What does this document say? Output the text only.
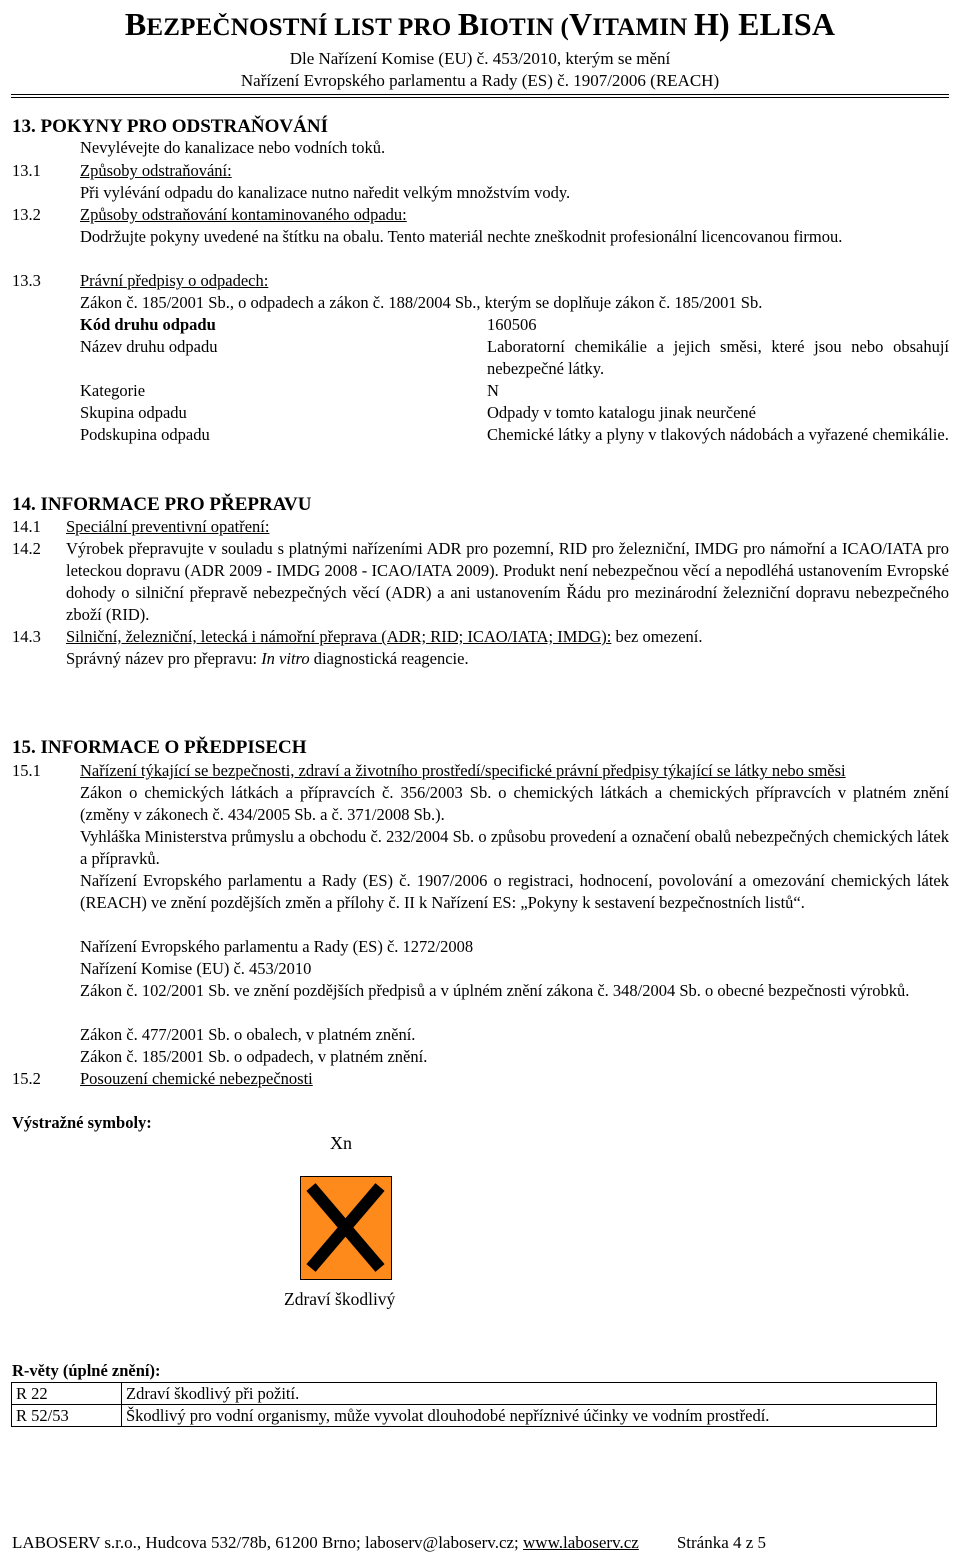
BEZPEČNOSTNÍ LIST PRO BIOTIN (VITAMIN H) ELISA
Dle Nařízení Komise (EU) č. 453/2010, kterým se mění
Nařízení Evropského parlamentu a Rady (ES) č. 1907/2006 (REACH)
13. POKYNY PRO ODSTRAŇOVÁNÍ
Nevylévejte do kanalizace nebo vodních toků.
13.1 Způsoby odstraňování:
Při vylévání odpadu do kanalizace nutno naředit velkým množstvím vody.
13.2 Způsoby odstraňování kontaminovaného odpadu:
Dodržujte pokyny uvedené na štítku na obalu. Tento materiál nechte zneškodnit profesionální licencovanou firmou.
13.3 Právní předpisy o odpadech:
Zákon č. 185/2001 Sb., o odpadech a zákon č. 188/2004 Sb., kterým se doplňuje zákon č. 185/2001 Sb.
Kód druhu odpadu	160506
Název druhu odpadu	Laboratorní chemikálie a jejich směsi, které jsou nebo obsahují nebezpečné látky.
Kategorie	N
Skupina odpadu	Odpady v tomto katalogu jinak neurčené
Podskupina odpadu	Chemické látky a plyny v tlakových nádobách a vyřazené chemikálie.
14. INFORMACE PRO PŘEPRAVU
14.1 Speciální preventivní opatření:
14.2 Výrobek přepravujte v souladu s platnými nařízeními ADR pro pozemní, RID pro železniční, IMDG pro námořní a ICAO/IATA pro leteckou dopravu (ADR 2009 - IMDG 2008 - ICAO/IATA 2009). Produkt není nebezpečnou věcí a nepodléhá ustanovením Evropské dohody o silniční přepravě nebezpečných věcí (ADR) a ani ustanovením Řádu pro mezinárodní železniční dopravu nebezpečného zboží (RID).
14.3 Silniční, železniční, letecká i námořní přeprava (ADR; RID; ICAO/IATA; IMDG): bez omezení.
Správný název pro přepravu: In vitro diagnostická reagencie.
15. INFORMACE O PŘEDPISECH
15.1 Nařízení týkající se bezpečnosti, zdraví a životního prostředí/specifické právní předpisy týkající se látky nebo směsi
Zákon o chemických látkách a přípravcích č. 356/2003 Sb. o chemických látkách a chemických přípravcích v platném znění (změny v zákonech č. 434/2005 Sb. a č. 371/2008 Sb.).
Vyhláška Ministerstva průmyslu a obchodu č. 232/2004 Sb. o způsobu provedení a označení obalů nebezpečných chemických látek a přípravků.
Nařízení Evropského parlamentu a Rady (ES) č. 1907/2006 o registraci, hodnocení, povolování a omezování chemických látek (REACH) ve znění pozdějších změn a přílohy č. II k Nařízení ES: „Pokyny k sestavení bezpečnostních listů“.
Nařízení Evropského parlamentu a Rady (ES) č. 1272/2008
Nařízení Komise (EU) č. 453/2010
Zákon č. 102/2001 Sb. ve znění pozdějších předpisů a v úplném znění zákona č. 348/2004 Sb. o obecné bezpečnosti výrobků.
Zákon č. 477/2001 Sb. o obalech, v platném znění.
Zákon č. 185/2001 Sb. o odpadech, v platném znění.
15.2 Posouzení chemické nebezpečnosti
Výstražné symboly:
Xn
Zdraví škodlivý
R-věty (úplné znění):
R 22	Zdraví škodlivý při požití.
R 52/53	Škodlivý pro vodní organismy, může vyvolat dlouhodobé nepříznivé účinky ve vodním prostředí.
LABOSERV s.r.o., Hudcova 532/78b, 61200 Brno; laboserv@laboserv.cz; www.laboserv.cz Stránka 4 z 5
